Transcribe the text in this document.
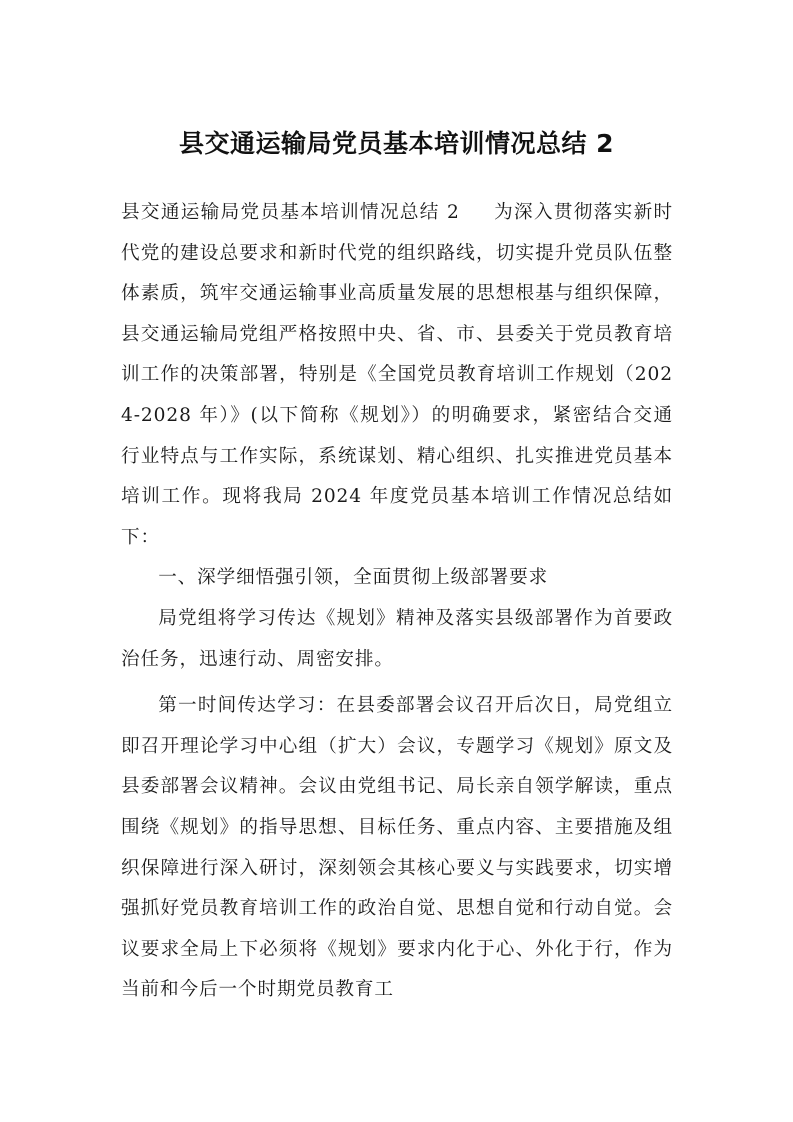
县交通运输局党员基本培训情况总结 2

县交通运输局党员基本培训情况总结 2 为深入贯彻落实新时代党的建设总要求和新时代党的组织路线，切实提升党员队伍整体素质，筑牢交通运输事业高质量发展的思想根基与组织保障，县交通运输局党组严格按照中央、省、市、县委关于党员教育培训工作的决策部署，特别是《全国党员教育培训工作规划（2024-2028 年）》(以下简称《规划》）的明确要求，紧密结合交通行业特点与工作实际，系统谋划、精心组织、扎实推进党员基本培训工作。现将我局 2024 年度党员基本培训工作情况总结如下：

一、深学细悟强引领，全面贯彻上级部署要求

局党组将学习传达《规划》精神及落实县级部署作为首要政治任务，迅速行动、周密安排。

第一时间传达学习：在县委部署会议召开后次日，局党组立即召开理论学习中心组（扩大）会议，专题学习《规划》原文及县委部署会议精神。会议由党组书记、局长亲自领学解读，重点围绕《规划》的指导思想、目标任务、重点内容、主要措施及组织保障进行深入研讨，深刻领会其核心要义与实践要求，切实增强抓好党员教育培训工作的政治自觉、思想自觉和行动自觉。会议要求全局上下必须将《规划》要求内化于心、外化于行，作为当前和今后一个时期党员教育工
